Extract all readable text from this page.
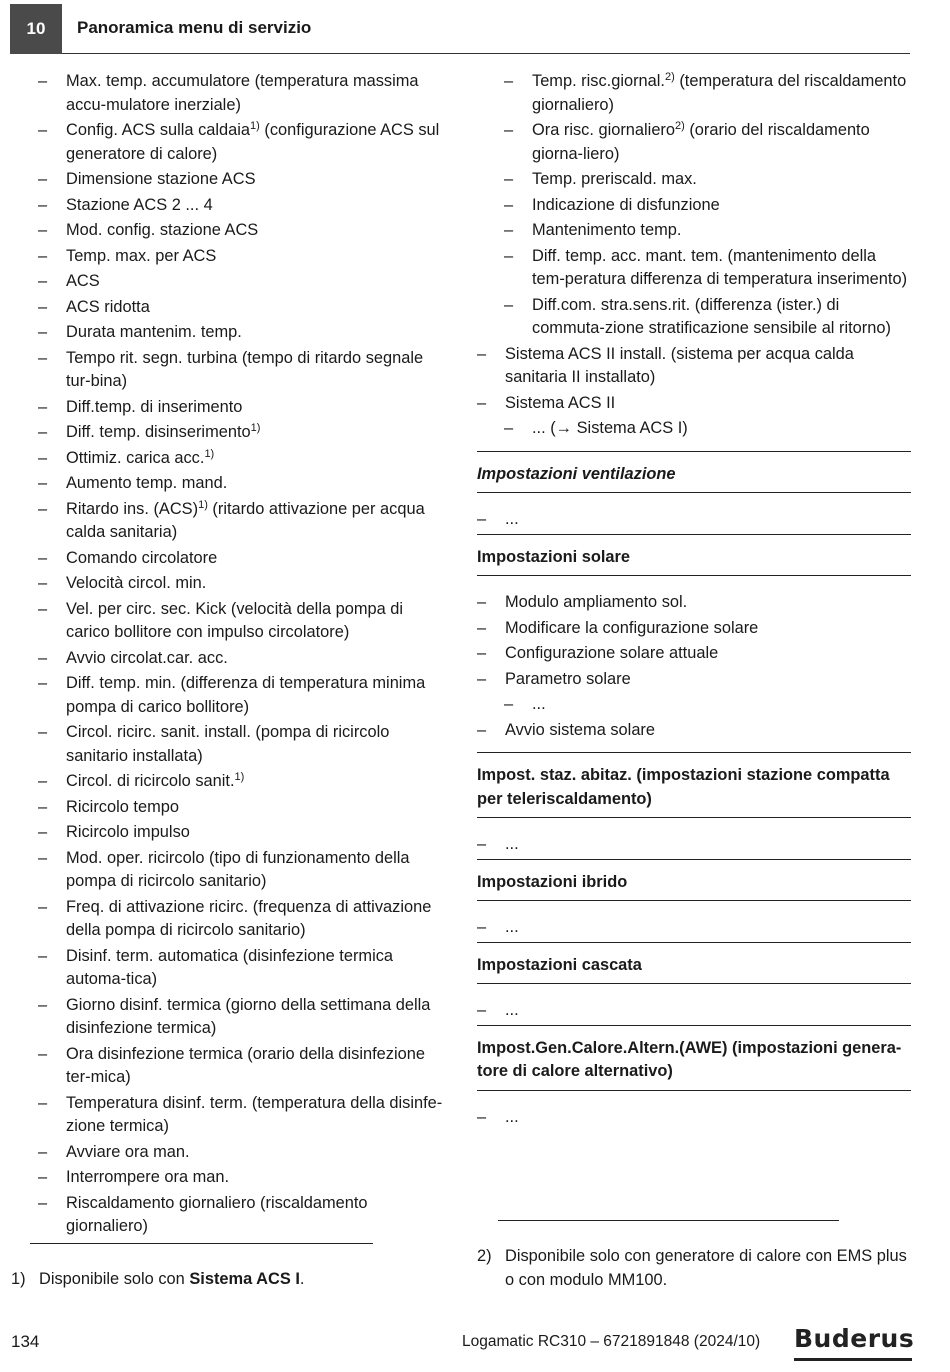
10	Panoramica menu di servizio
– Max. temp. accumulatore (temperatura massima accu-mulatore inerziale)
– Config. ACS sulla caldaia$^{1)}$ (configurazione ACS sul generatore di calore)
– Dimensione stazione ACS
– Stazione ACS 2 ... 4
– Mod. config. stazione ACS
– Temp. max. per ACS
– ACS
– ACS ridotta
– Durata mantenim. temp.
– Tempo rit. segn. turbina (tempo di ritardo segnale tur-bina)
– Diff.temp. di inserimento
– Diff. temp. disinserimento$^{1)}$
– Ottimiz. carica acc.$^{1)}$
– Aumento temp. mand.
– Ritardo ins. (ACS)$^{1)}$ (ritardo attivazione per acqua calda sanitaria)
– Comando circolatore
– Velocità circol. min.
– Vel. per circ. sec. Kick (velocità della pompa di carico bollitore con impulso circolatore)
– Avvio circolat.car. acc.
– Diff. temp. min. (differenza di temperatura minima pompa di carico bollitore)
– Circol. ricirc. sanit. install. (pompa di ricircolo sanitario installata)
– Circol. di ricircolo sanit.$^{1)}$
– Ricircolo tempo
– Ricircolo impulso
– Mod. oper. ricircolo (tipo di funzionamento della pompa di ricircolo sanitario)
– Freq. di attivazione ricirc. (frequenza di attivazione della pompa di ricircolo sanitario)
– Disinf. term. automatica (disinfezione termica automa-tica)
– Giorno disinf. termica (giorno della settimana della disinfezione termica)
– Ora disinfezione termica (orario della disinfezione ter-mica)
– Temperatura disinf. term. (temperatura della disinfe-zione termica)
– Avviare ora man.
– Interrompere ora man.
– Riscaldamento giornaliero (riscaldamento giornaliero)
– Temp. risc.giornal.$^{2)}$ (temperatura del riscaldamento giornaliero)
– Ora risc. giornaliero$^{2)}$ (orario del riscaldamento giorna-liero)
– Temp. preriscald. max.
– Indicazione di disfunzione
– Mantenimento temp.
– Diff. temp. acc. mant. tem. (mantenimento della tem-peratura differenza di temperatura inserimento)
– Diff.com. stra.sens.rit. (differenza (ister.) di commuta-zione stratificazione sensibile al ritorno)
– Sistema ACS II install. (sistema per acqua calda sanitaria II installato)
– Sistema ACS II
– ... (→ Sistema ACS I)
Impostazioni ventilazione
– ...
Impostazioni solare
– Modulo ampliamento sol.
– Modificare la configurazione solare
– Configurazione solare attuale
– Parametro solare
– ...
– Avvio sistema solare
Impost. staz. abitaz. (impostazioni stazione compatta per teleriscaldamento)
– ...
Impostazioni ibrido
– ...
Impostazioni cascata
– ...
Impost.Gen.Calore.Altern.(AWE) (impostazioni genera-tore di calore alternativo)
– ...
1) Disponibile solo con Sistema ACS I.
2) Disponibile solo con generatore di calore con EMS plus o con modulo MM100.
134	Logamatic RC310 – 6721891848 (2024/10) Buderus
